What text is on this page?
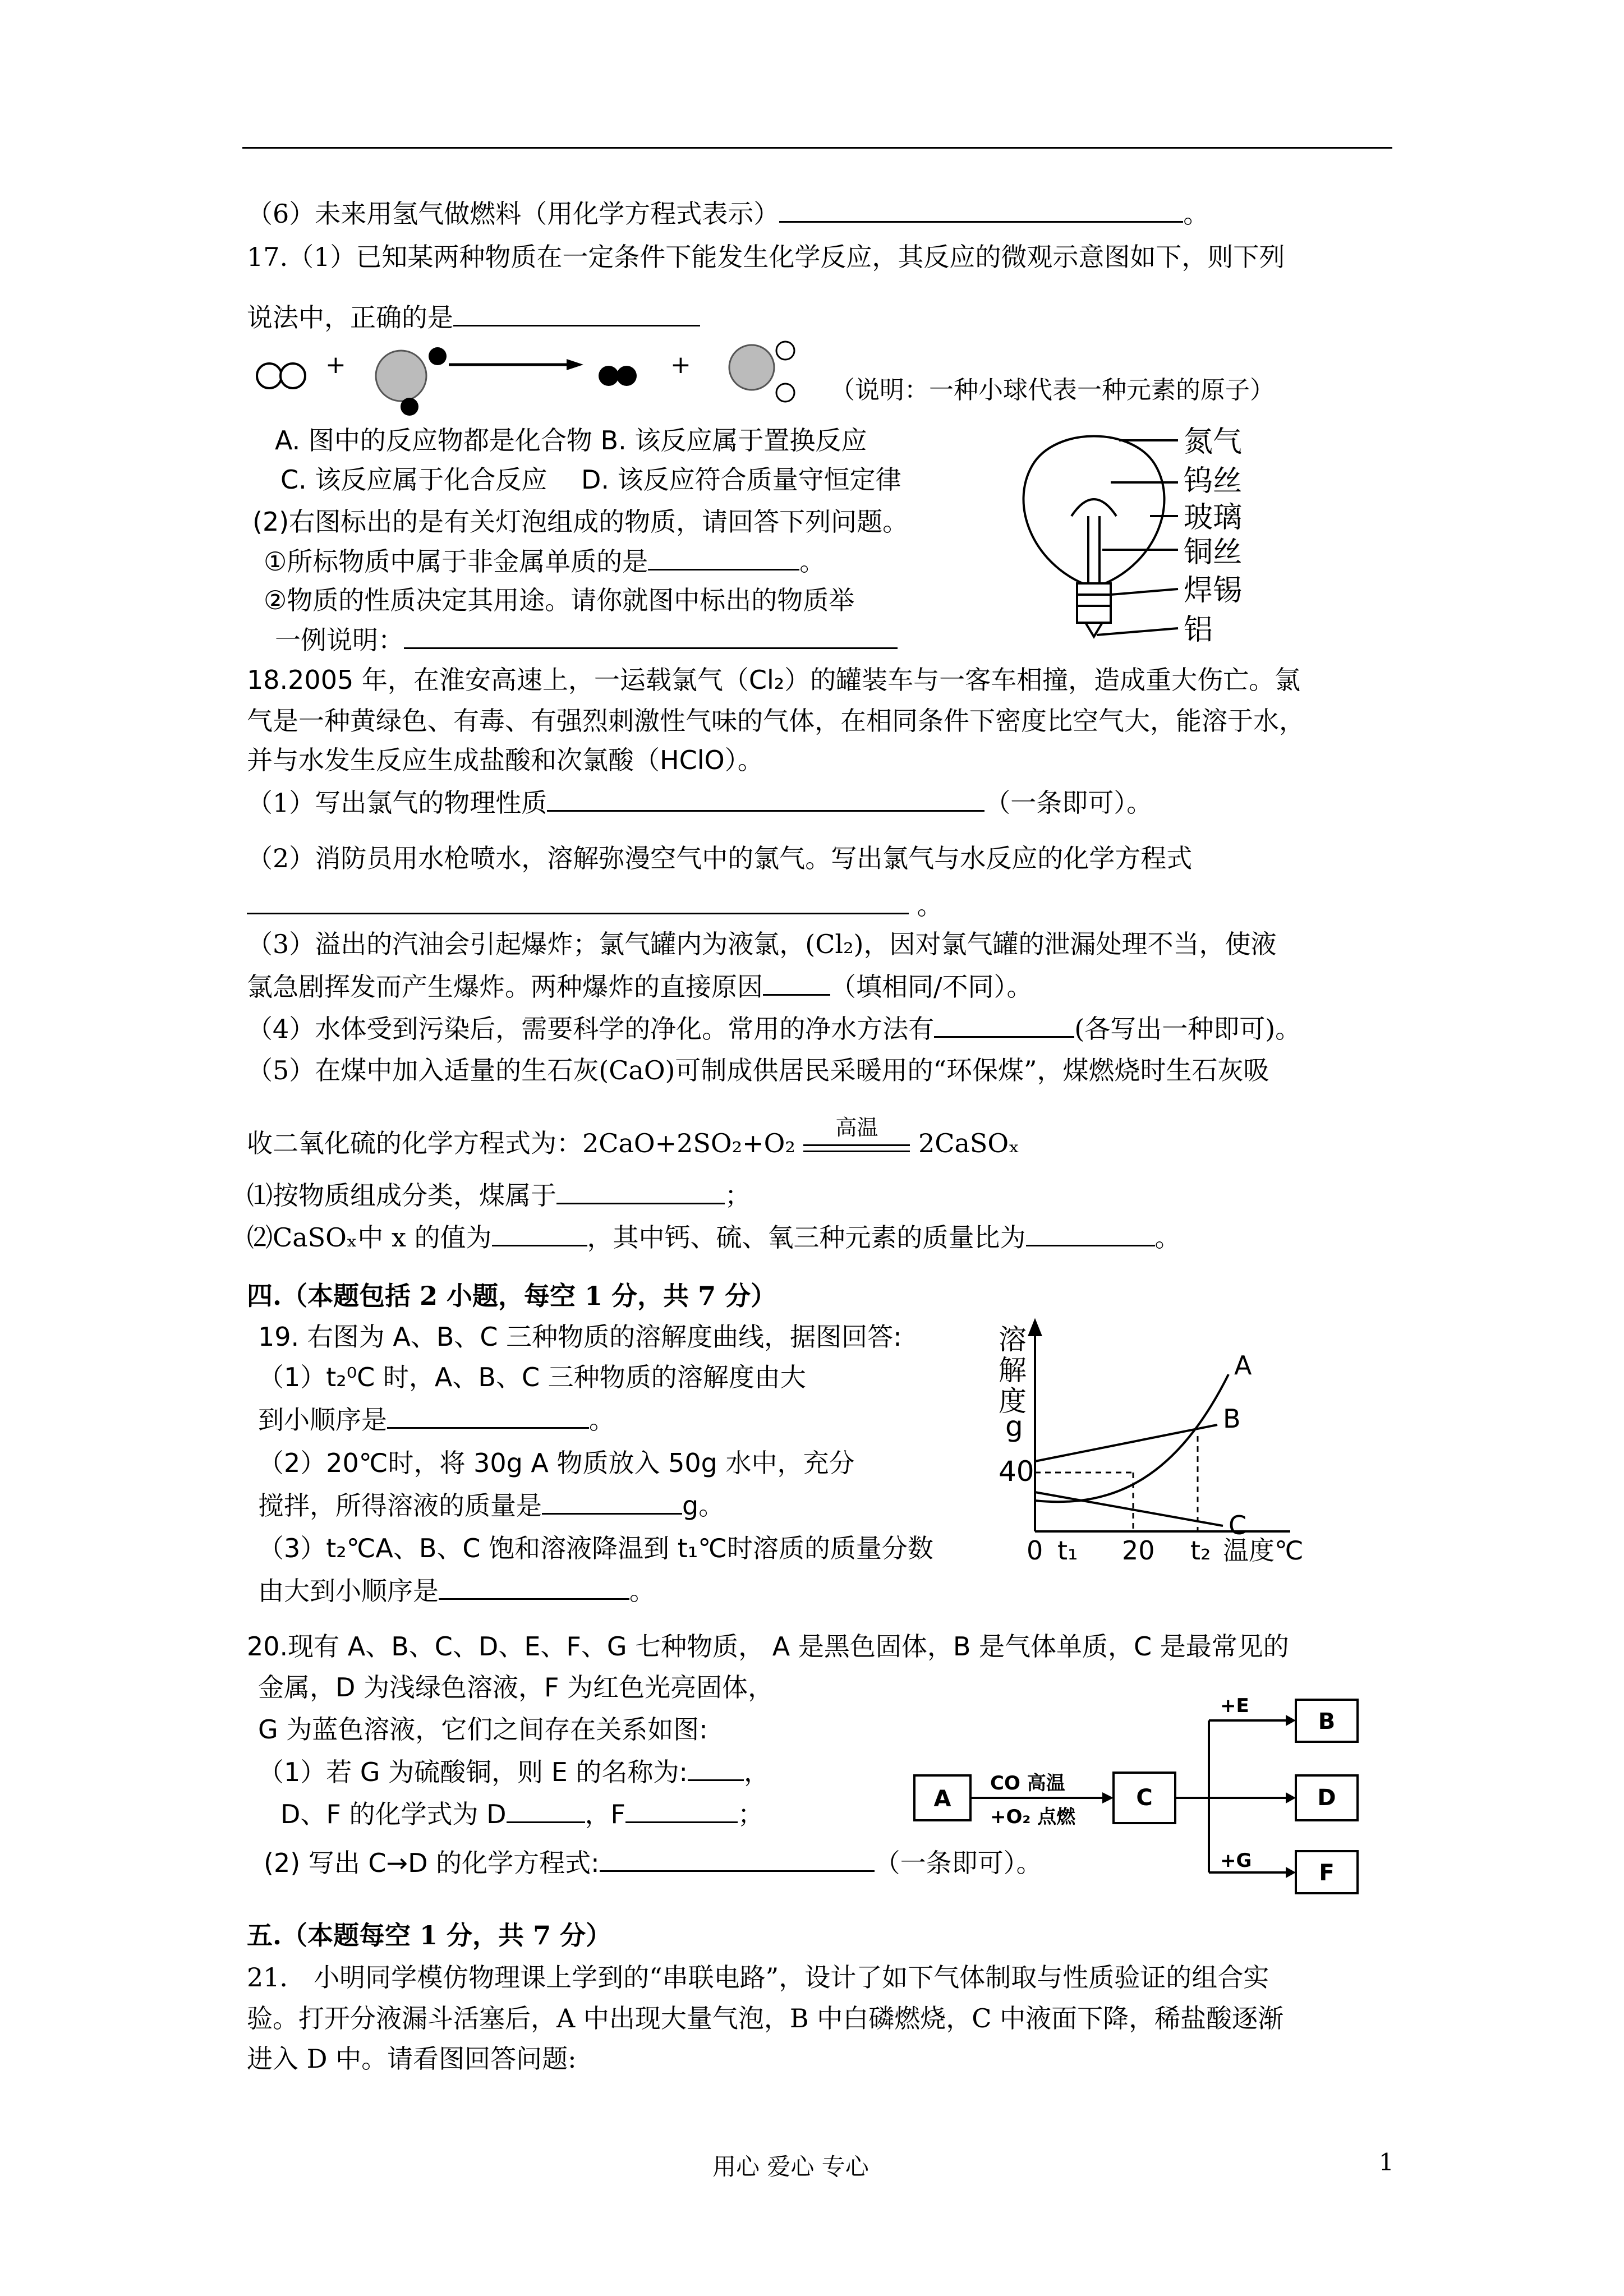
（6）未来用氢气做燃料（用化学方程式表示）	。
17.（1）已知某两种物质在一定条件下能发生化学反应，其反应的微观示意图如下，则下列
说法中，正确的是
+	+
（说明：一种小球代表一种元素的原子）
A. 图中的反应物都是化合物 B. 该反应属于置换反应
C. 该反应属于化合反应　 D. 该反应符合质量守恒定律
(2)右图标出的是有关灯泡组成的物质，请回答下列问题。
①所标物质中属于非金属单质的是	。
②物质的性质决定其用途。请你就图中标出的物质举
一例说明：
氮气
钨丝
玻璃
铜丝
焊锡
铝
18.2005 年，在淮安高速上，一运载氯气（Cl₂）的罐装车与一客车相撞，造成重大伤亡。氯
气是一种黄绿色、有毒、有强烈刺激性气味的气体，在相同条件下密度比空气大，能溶于水，
并与水发生反应生成盐酸和次氯酸（HClO）。
（1）写出氯气的物理性质	（一条即可）。
（2）消防员用水枪喷水，溶解弥漫空气中的氯气。写出氯气与水反应的化学方程式
。
（3）溢出的汽油会引起爆炸；氯气罐内为液氯，(Cl₂)，因对氯气罐的泄漏处理不当，使液
氯急剧挥发而产生爆炸。两种爆炸的直接原因	（填相同/不同）。
（4）水体受到污染后，需要科学的净化。常用的净水方法有	(各写出一种即可)。
（5）在煤中加入适量的生石灰(CaO)可制成供居民采暖用的“环保煤”，煤燃烧时生石灰吸
收二氧化硫的化学方程式为：2CaO+2SO₂+O₂
高温
2CaSOₓ
⑴按物质组成分类，煤属于	；
⑵CaSOₓ中 x 的值为	，其中钙、硫、氧三种元素的质量比为	。
四.（本题包括 2 小题，每空 1 分，共 7 分）
19. 右图为 A、B、C 三种物质的溶解度曲线，据图回答:
（1）t₂⁰C 时，A、B、C 三种物质的溶解度由大
到小顺序是	。
（2）20℃时，将 30g A 物质放入 50g 水中，充分
搅拌，所得溶液的质量是	g。
（3）t₂℃A、B、C 饱和溶液降温到 t₁℃时溶质的质量分数
由大到小顺序是	。
溶
解
度
g
40
A
B
C
0 t₁ 20 t₂ 温度℃
20.现有 A、B、C、D、E、F、G 七种物质， A 是黑色固体，B 是气体单质，C 是最常见的
金属，D 为浅绿色溶液，F 为红色光亮固体，
G 为蓝色溶液，它们之间存在关系如图:
（1）若 G 为硫酸铜，则 E 的名称为: ，
D、F 的化学式为 D	，F	；
(2) 写出 C→D 的化学方程式:	（一条即可）。
A	C
B
D
F
CO 高温
+O₂ 点燃
+E
+G
五.（本题每空 1 分，共 7 分）
21． 小明同学模仿物理课上学到的“串联电路”，设计了如下气体制取与性质验证的组合实
验。打开分液漏斗活塞后，A 中出现大量气泡，B 中白磷燃烧，C 中液面下降，稀盐酸逐渐
进入 D 中。请看图回答问题:
用心 爱心 专心	1
